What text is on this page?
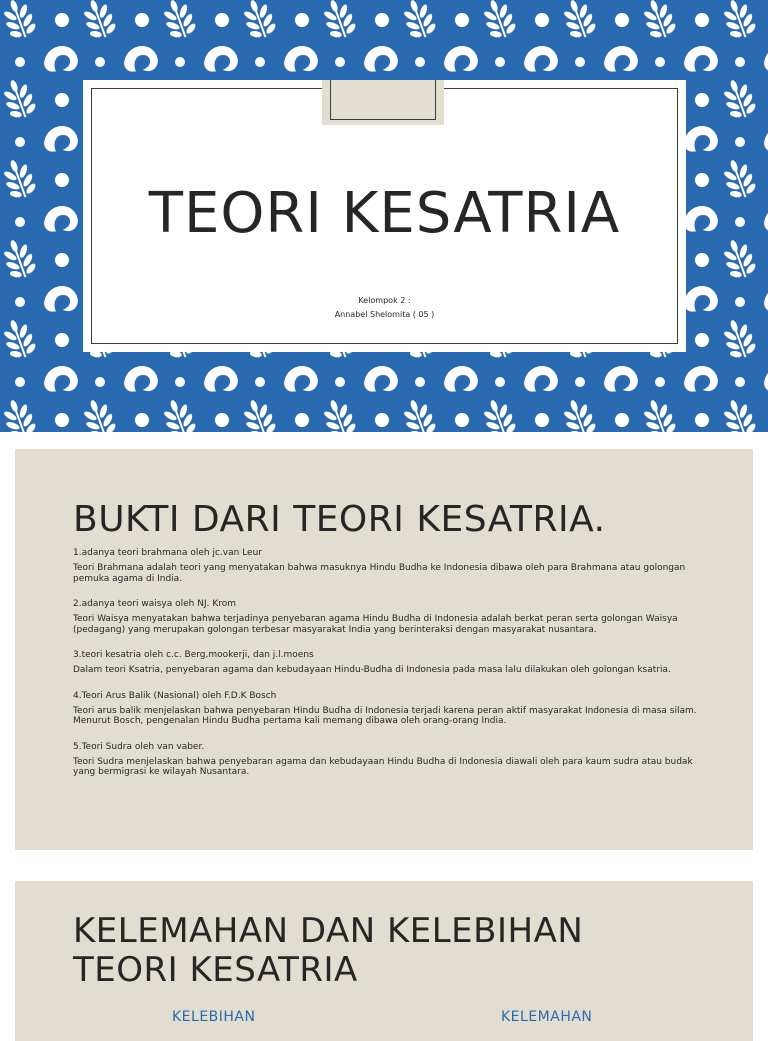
TEORI KESATRIA
Kelompok 2 :
Annabel Shelomita ( 05 )
BUKTI DARI TEORI KESATRIA.
1.adanya teori brahmana oleh jc.van Leur
Teori Brahmana adalah teori yang menyatakan bahwa masuknya Hindu Budha ke Indonesia dibawa oleh para Brahmana atau golongan pemuka agama di India.
2.adanya teori waisya oleh NJ. Krom
Teori Waisya menyatakan bahwa terjadinya penyebaran agama Hindu Budha di Indonesia adalah berkat peran serta golongan Waisya (pedagang) yang merupakan golongan terbesar masyarakat India yang berinteraksi dengan masyarakat nusantara.
3.teori kesatria oleh c.c. Berg,mookerji, dan j.l.moens
Dalam teori Ksatria, penyebaran agama dan kebudayaan Hindu-Budha di Indonesia pada masa lalu dilakukan oleh golongan ksatria.
4.Teori Arus Balik (Nasional) oleh F.D.K Bosch
Teori arus balik menjelaskan bahwa penyebaran Hindu Budha di Indonesia terjadi karena peran aktif masyarakat Indonesia di masa silam. Menurut Bosch, pengenalan Hindu Budha pertama kali memang dibawa oleh orang-orang India.
5.Teori Sudra oleh van vaber.
Teori Sudra menjelaskan bahwa penyebaran agama dan kebudayaan Hindu Budha di Indonesia diawali oleh para kaum sudra atau budak yang bermigrasi ke wilayah Nusantara.
KELEMAHAN DAN KELEBIHAN
TEORI KESATRIA
KELEBIHAN	KELEMAHAN
